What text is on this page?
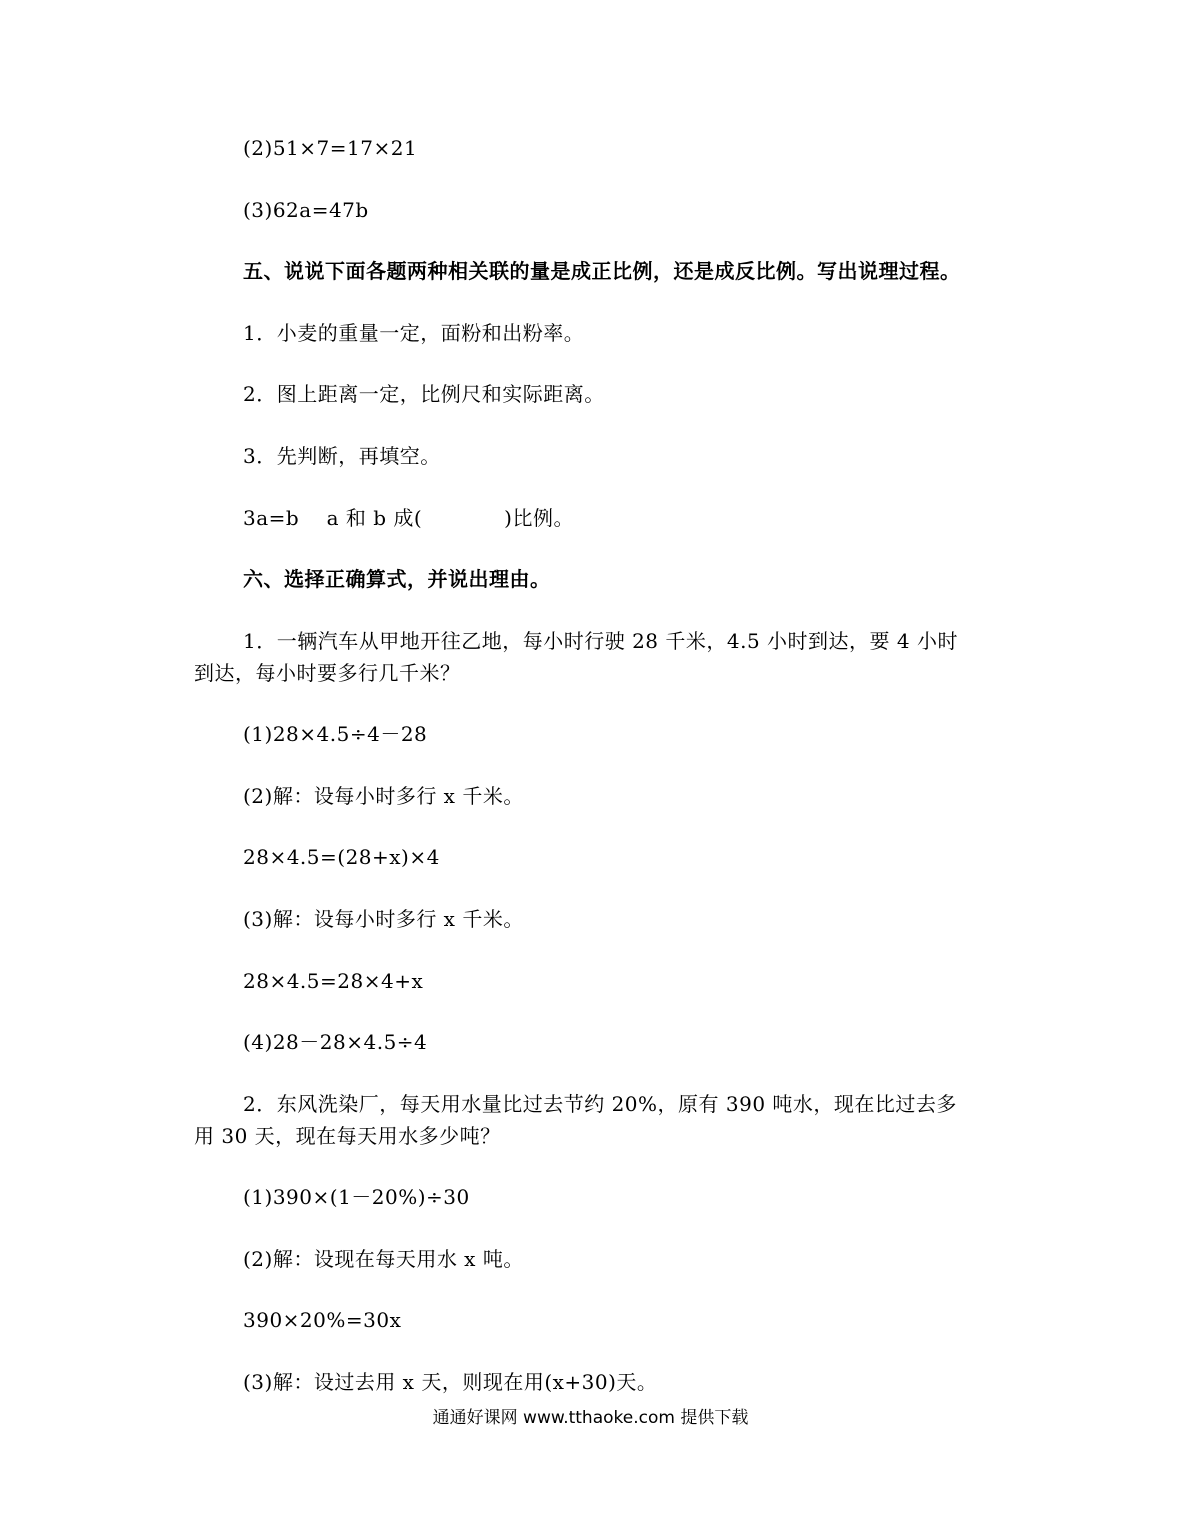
(2)51×7=17×21
(3)62a=47b
五、说说下面各题两种相关联的量是成正比例，还是成反比例。写出说理过程。
1．小麦的重量一定，面粉和出粉率。
2．图上距离一定，比例尺和实际距离。
3．先判断，再填空。
3a=b　 a 和 b 成(　　　　)比例。
六、选择正确算式，并说出理由。
1．一辆汽车从甲地开往乙地，每小时行驶 28 千米，4.5 小时到达，要 4 小时
到达，每小时要多行几千米？
(1)28×4.5÷4－28
(2)解：设每小时多行 x 千米。
28×4.5=(28+x)×4
(3)解：设每小时多行 x 千米。
28×4.5=28×4+x
(4)28－28×4.5÷4
2．东风洗染厂，每天用水量比过去节约 20%，原有 390 吨水，现在比过去多
用 30 天，现在每天用水多少吨？
(1)390×(1－20%)÷30
(2)解：设现在每天用水 x 吨。
390×20%=30x
(3)解：设过去用 x 天，则现在用(x+30)天。
通通好课网 www.tthaoke.com 提供下载
